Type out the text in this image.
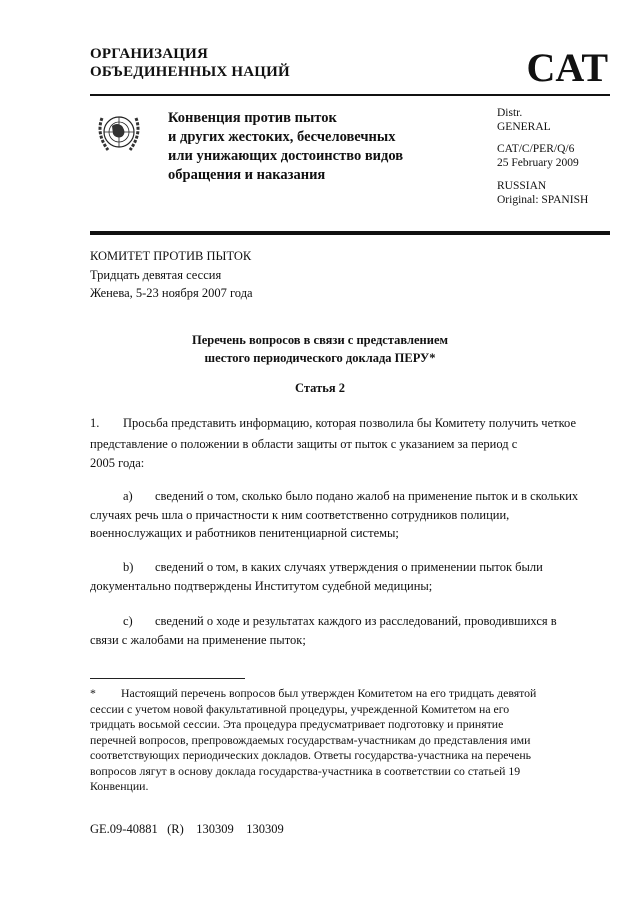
ОРГАНИЗАЦИЯ
ОБЪЕДИНЕННЫХ НАЦИЙ	CAT
Конвенция против пыток
и других жестоких, бесчеловечных
или унижающих достоинство видов
обращения и наказания
Distr.
GENERAL
CAT/C/PER/Q/6
25 February 2009
RUSSIAN
Original: SPANISH
КОМИТЕТ ПРОТИВ ПЫТОК
Тридцать девятая сессия
Женева, 5-23 ноября 2007 года
Перечень вопросов в связи с представлением
шестого периодического доклада ПЕРУ*
Статья 2
1. Просьба представить информацию, которая позволила бы Комитету получить четкое
представление о положении в области защиты от пыток с указанием за период с
2005 года:
a) сведений о том, сколько было подано жалоб на применение пыток и в скольких
случаях речь шла о причастности к ним соответственно сотрудников полиции,
военнослужащих и работников пенитенциарной системы;
b) сведений о том, в каких случаях утверждения о применении пыток были
документально подтверждены Институтом судебной медицины;
c) сведений о ходе и результатах каждого из расследований, проводившихся в
связи с жалобами на применение пыток;
* Настоящий перечень вопросов был утвержден Комитетом на его тридцать девятой
сессии с учетом новой факультативной процедуры, учрежденной Комитетом на его
тридцать восьмой сессии. Эта процедура предусматривает подготовку и принятие
перечней вопросов, препровождаемых государствам-участникам до представления ими
соответствующих периодических докладов. Ответы государства-участника на перечень
вопросов лягут в основу доклада государства-участника в соответствии со статьей 19
Конвенции.
GE.09-40881   (R)    130309    130309
